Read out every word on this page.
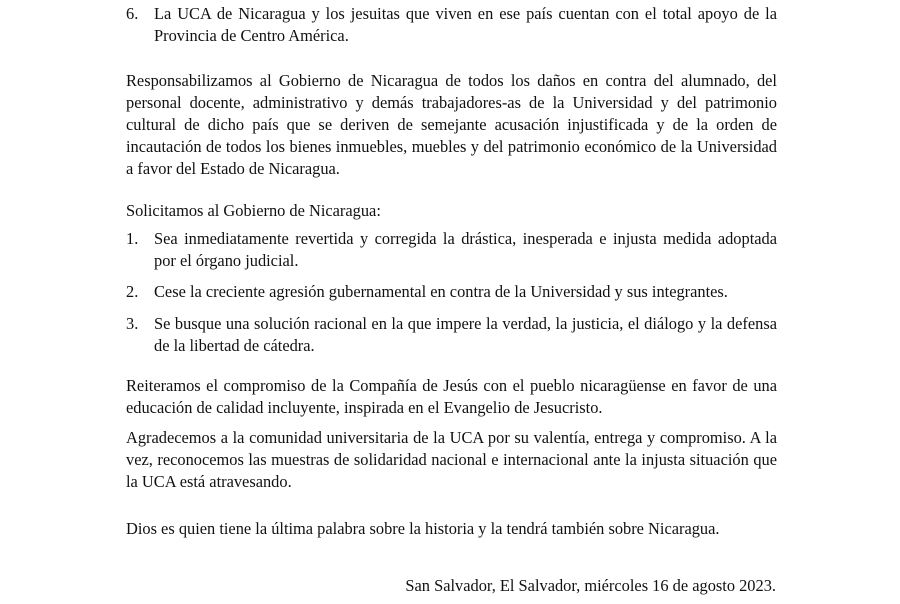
6. La UCA de Nicaragua y los jesuitas que viven en ese país cuentan con el total apoyo de la Provincia de Centro América.

Responsabilizamos al Gobierno de Nicaragua de todos los daños en contra del alumnado, del personal docente, administrativo y demás trabajadores-as de la Universidad y del patrimonio cultural de dicho país que se deriven de semejante acusación injustificada y de la orden de incautación de todos los bienes inmuebles, muebles y del patrimonio económico de la Universidad a favor del Estado de Nicaragua.

Solicitamos al Gobierno de Nicaragua:

1. Sea inmediatamente revertida y corregida la drástica, inesperada e injusta medida adoptada por el órgano judicial.
2. Cese la creciente agresión gubernamental en contra de la Universidad y sus integrantes.
3. Se busque una solución racional en la que impere la verdad, la justicia, el diálogo y la defensa de la libertad de cátedra.

Reiteramos el compromiso de la Compañía de Jesús con el pueblo nicaragüense en favor de una educación de calidad incluyente, inspirada en el Evangelio de Jesucristo.

Agradecemos a la comunidad universitaria de la UCA por su valentía, entrega y compromiso. A la vez, reconocemos las muestras de solidaridad nacional e internacional ante la injusta situación que la UCA está atravesando.

Dios es quien tiene la última palabra sobre la historia y la tendrá también sobre Nicaragua.

San Salvador, El Salvador, miércoles 16 de agosto 2023.
